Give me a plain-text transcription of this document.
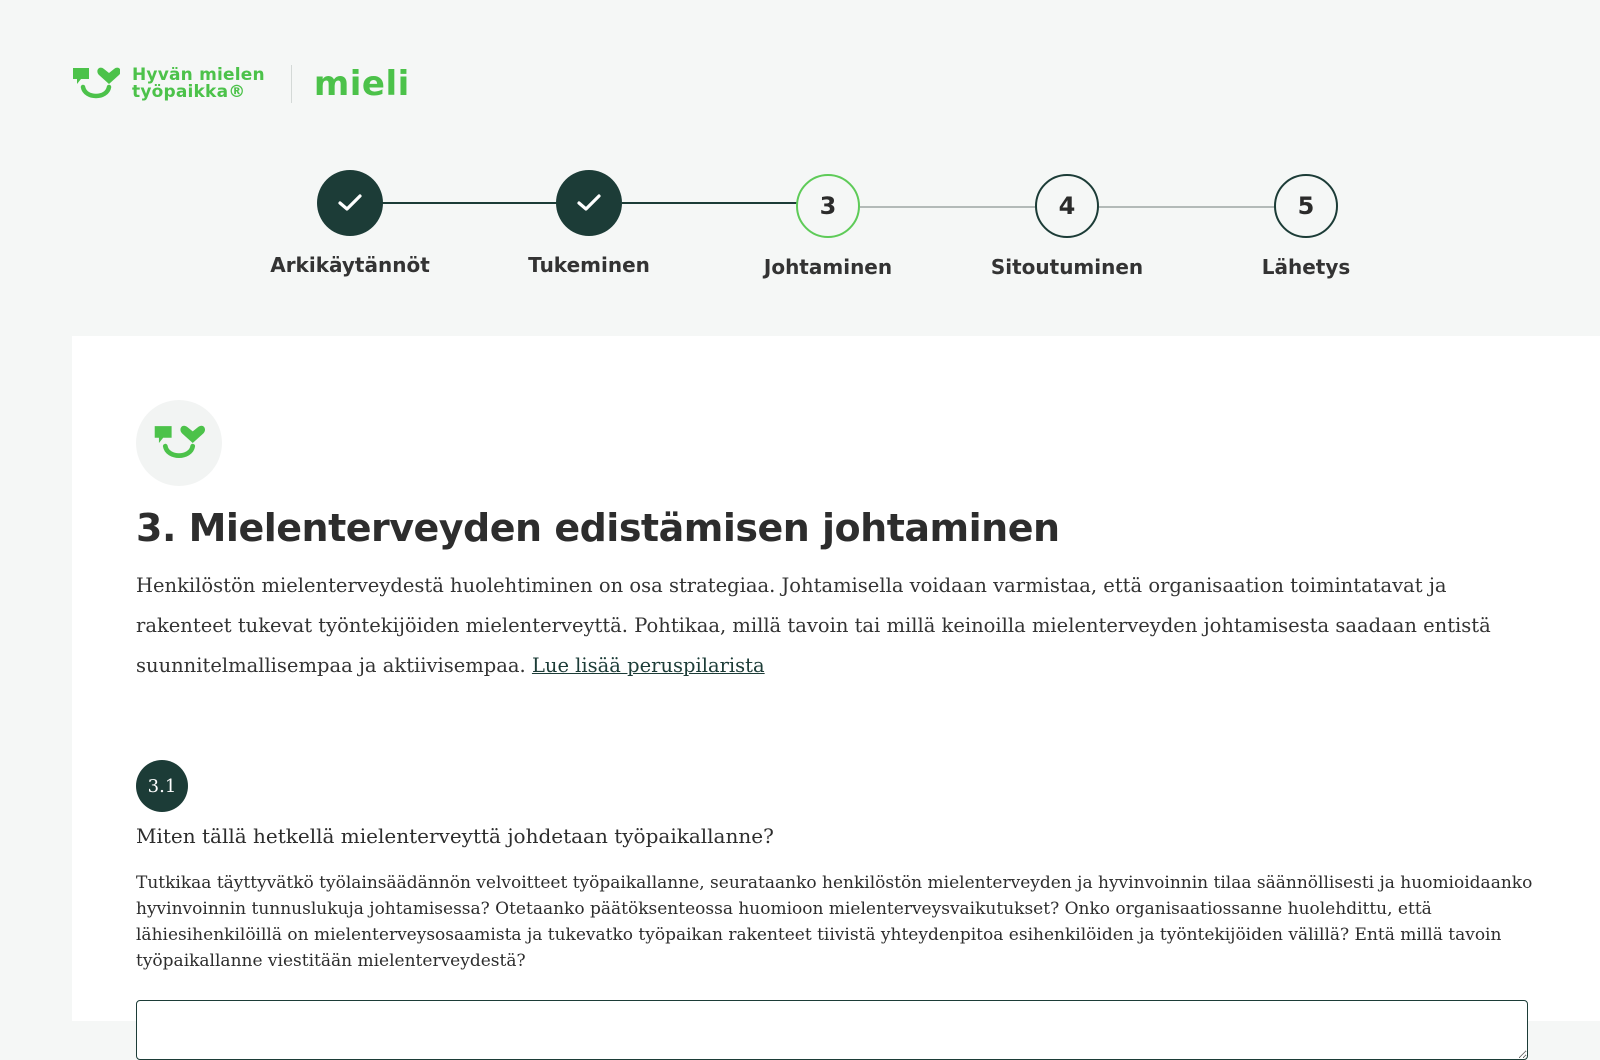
Hyvän mielen
työpaikka®	mieli
Arkikäytännöt	Tukeminen
3
Johtaminen
4
Sitoutuminen
5
Lähetys
3. Mielenterveyden edistämisen johtaminen

Henkilöstön mielenterveydestä huolehtiminen on osa strategiaa. Johtamisella voidaan varmistaa, että organisaation toimintatavat ja rakenteet tukevat työntekijöiden mielenterveyttä. Pohtikaa, millä tavoin tai millä keinoilla mielenterveyden johtamisesta saadaan entistä suunnitelmallisempaa ja aktiivisempaa. Lue lisää peruspilarista

3.1
Miten tällä hetkellä mielenterveyttä johdetaan työpaikallanne?

Tutkikaa täyttyvätkö työlainsäädännön velvoitteet työpaikallanne, seurataanko henkilöstön mielenterveyden ja hyvinvoinnin tilaa säännöllisesti ja huomioidaanko hyvinvoinnin tunnuslukuja johtamisessa? Otetaanko päätöksenteossa huomioon mielenterveysvaikutukset? Onko organisaatiossanne huolehdittu, että lähiesihenkilöillä on mielenterveysosaamista ja tukevatko työpaikan rakenteet tiivistä yhteydenpitoa esihenkilöiden ja työntekijöiden välillä? Entä millä tavoin työpaikallanne viestitään mielenterveydestä?
